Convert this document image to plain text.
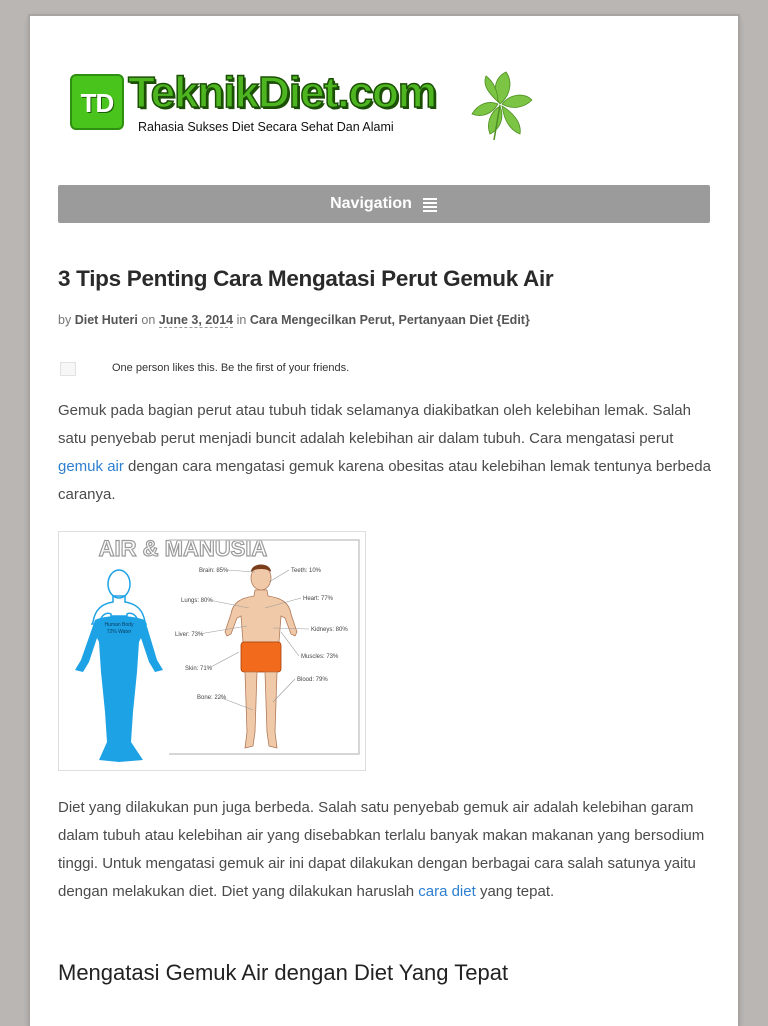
TD TeknikDiet.com
Rahasia Sukses Diet Secara Sehat Dan Alami
Navigation
3 Tips Penting Cara Mengatasi Perut Gemuk Air
by Diet Huteri on June 3, 2014 in Cara Mengecilkan Perut, Pertanyaan Diet {Edit}
One person likes this. Be the first of your friends.

Gemuk pada bagian perut atau tubuh tidak selamanya diakibatkan oleh kelebihan lemak. Salah satu penyebab perut menjadi buncit adalah kelebihan air dalam tubuh. Cara mengatasi perut gemuk air dengan cara mengatasi gemuk karena obesitas atau kelebihan lemak tentunya berbeda caranya.

AIR & MANUSIA
Human Body
72% Water
Brain: 85%
Lungs: 80%
Liver: 73%
Skin: 71%
Bone: 22%
Teeth: 10%
Heart: 77%
Kidneys: 80%
Muscles: 73%
Blood: 79%

Diet yang dilakukan pun juga berbeda. Salah satu penyebab gemuk air adalah kelebihan garam dalam tubuh atau kelebihan air yang disebabkan terlalu banyak makan makanan yang bersodium tinggi. Untuk mengatasi gemuk air ini dapat dilakukan dengan berbagai cara salah satunya yaitu dengan melakukan diet. Diet yang dilakukan haruslah cara diet yang tepat.

Mengatasi Gemuk Air dengan Diet Yang Tepat
